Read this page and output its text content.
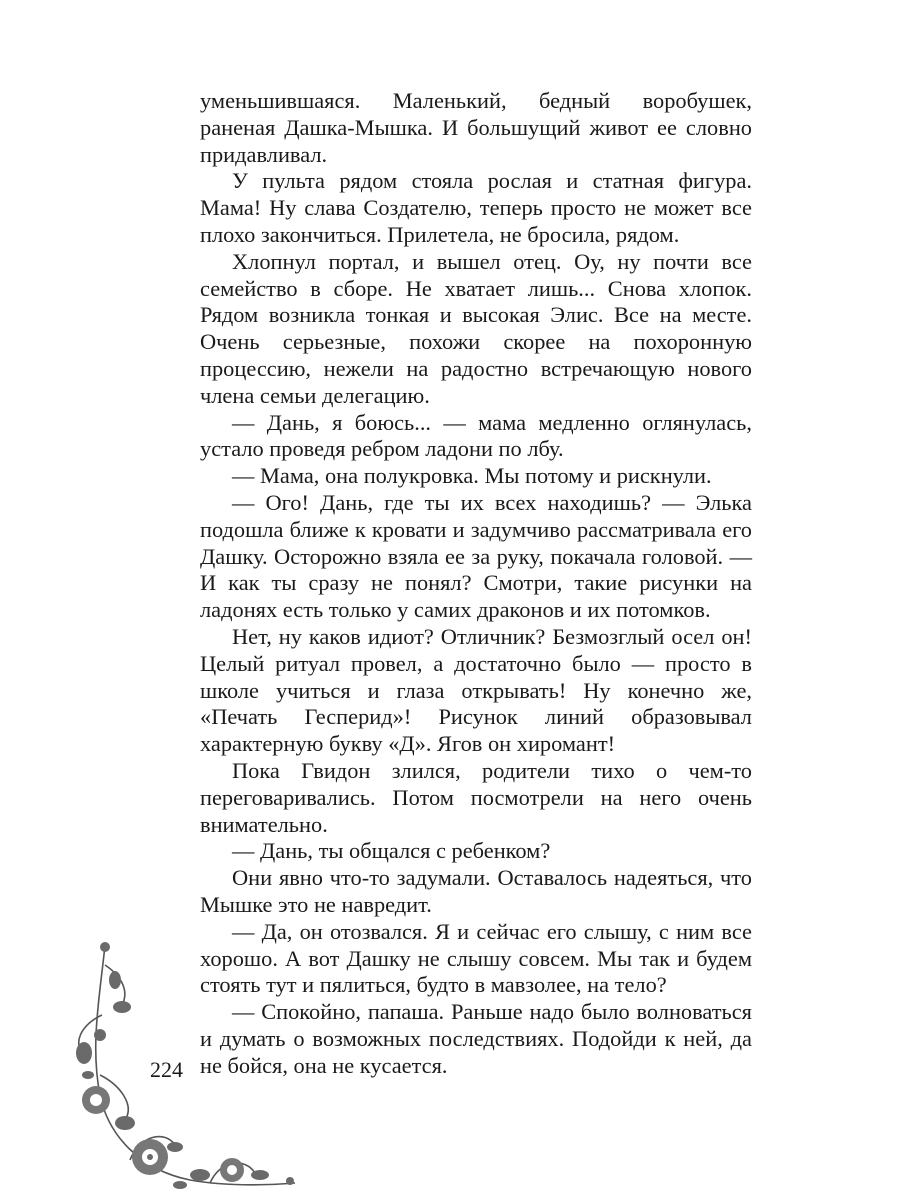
уменьшившаяся. Маленький, бедный воробушек, раненая Дашка-Мышка. И большущий живот ее словно придавливал.

У пульта рядом стояла рослая и статная фигура. Мама! Ну слава Создателю, теперь просто не может все плохо закончиться. Прилетела, не бросила, рядом.

Хлопнул портал, и вышел отец. Оу, ну почти все семейство в сборе. Не хватает лишь... Снова хлопок. Рядом возникла тонкая и высокая Элис. Все на месте. Очень серьезные, похожи скорее на похоронную процессию, нежели на радостно встречающую нового члена семьи делегацию.

— Дань, я боюсь... — мама медленно оглянулась, устало проведя ребром ладони по лбу.

— Мама, она полукровка. Мы потому и рискнули.

— Ого! Дань, где ты их всех находишь? — Элька подошла ближе к кровати и задумчиво рассматривала его Дашку. Осторожно взяла ее за руку, покачала головой. — И как ты сразу не понял? Смотри, такие рисунки на ладонях есть только у самих драконов и их потомков.

Нет, ну каков идиот? Отличник? Безмозглый осел он! Целый ритуал провел, а достаточно было — просто в школе учиться и глаза открывать! Ну конечно же, «Печать Гесперид»! Рисунок линий образовывал характерную букву «Д». Ягов он хиромант!

Пока Гвидон злился, родители тихо о чем-то переговаривались. Потом посмотрели на него очень внимательно.

— Дань, ты общался с ребенком?

Они явно что-то задумали. Оставалось надеяться, что Мышке это не навредит.

— Да, он отозвался. Я и сейчас его слышу, с ним все хорошо. А вот Дашку не слышу совсем. Мы так и будем стоять тут и пялиться, будто в мавзолее, на тело?

— Спокойно, папаша. Раньше надо было волноваться и думать о возможных последствиях. Подойди к ней, да не бойся, она не кусается.

224
